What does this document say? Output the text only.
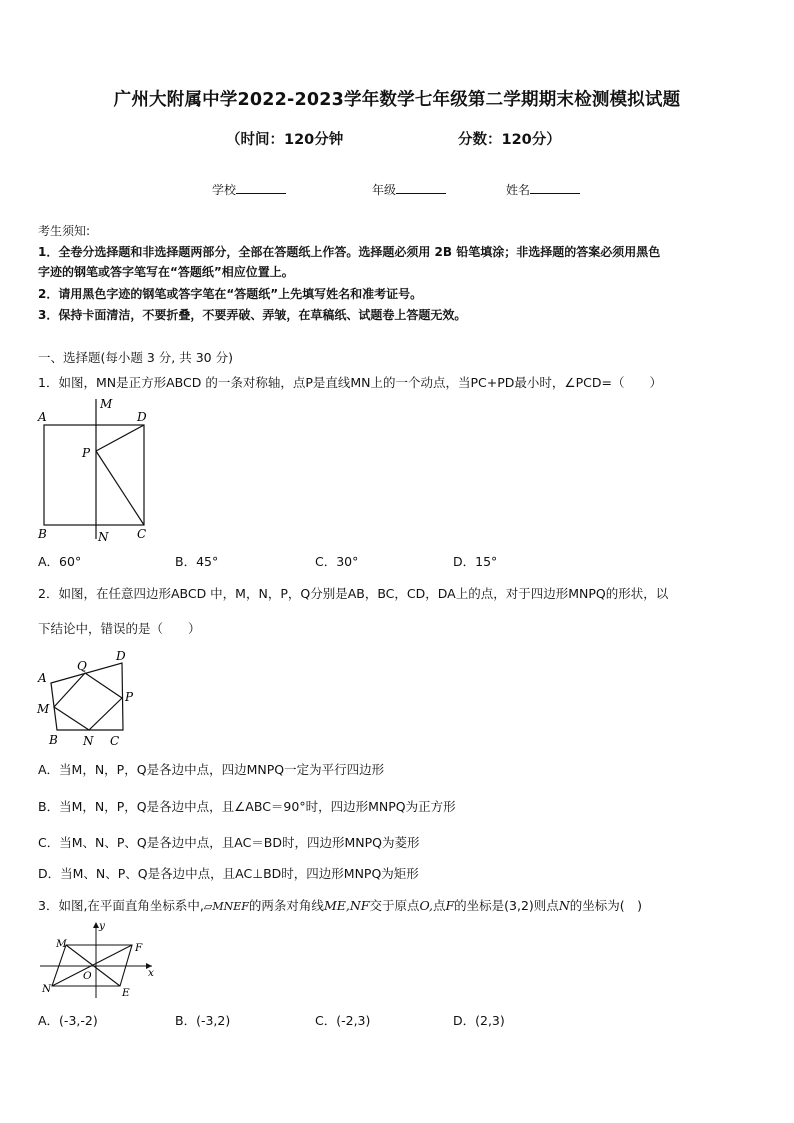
广州大附属中学2022-2023学年数学七年级第二学期期末检测模拟试题
（时间：120分钟	分数：120分）
学校	年级	姓名
考生须知:
1．全卷分选择题和非选择题两部分，全部在答题纸上作答。选择题必须用 2B 铅笔填涂；非选择题的答案必须用黑色
字迹的钢笔或答字笔写在“答题纸”相应位置上。
2．请用黑色字迹的钢笔或答字笔在“答题纸”上先填写姓名和准考证号。
3．保持卡面清洁，不要折叠，不要弄破、弄皱，在草稿纸、试题卷上答题无效。
一、选择题(每小题 3 分, 共 30 分)
1．如图，MN是正方形ABCD 的一条对称轴，点P是直线MN上的一个动点，当PC+PD最小时，∠PCD=（　　）
A
M
D
P
B	N C
A．60°	B．45°	C．30°	D．15°
2．如图，在任意四边形ABCD 中，M，N，P，Q分别是AB，BC，CD，DA上的点，对于四边形MNPQ的形状，以
下结论中，错误的是（　　）
Q
D
A
P
M
B N C
A．当M，N，P，Q是各边中点，四边MNPQ一定为平行四边形
B．当M，N，P，Q是各边中点，且∠ABC＝90°时，四边形MNPQ为正方形
C．当M、N、P、Q是各边中点，且AC＝BD时，四边形MNPQ为菱形
D．当M、N、P、Q是各边中点，且AC⊥BD时，四边形MNPQ为矩形
3．如图,在平面直角坐标系中,▱MNEF的两条对角线ME,NF交于原点O,点F的坐标是(3,2)则点N的坐标为(　)
M
y
F
O	x
N	E
A．(-3,-2)	B．(-3,2)	C．(-2,3)	D．(2,3)
